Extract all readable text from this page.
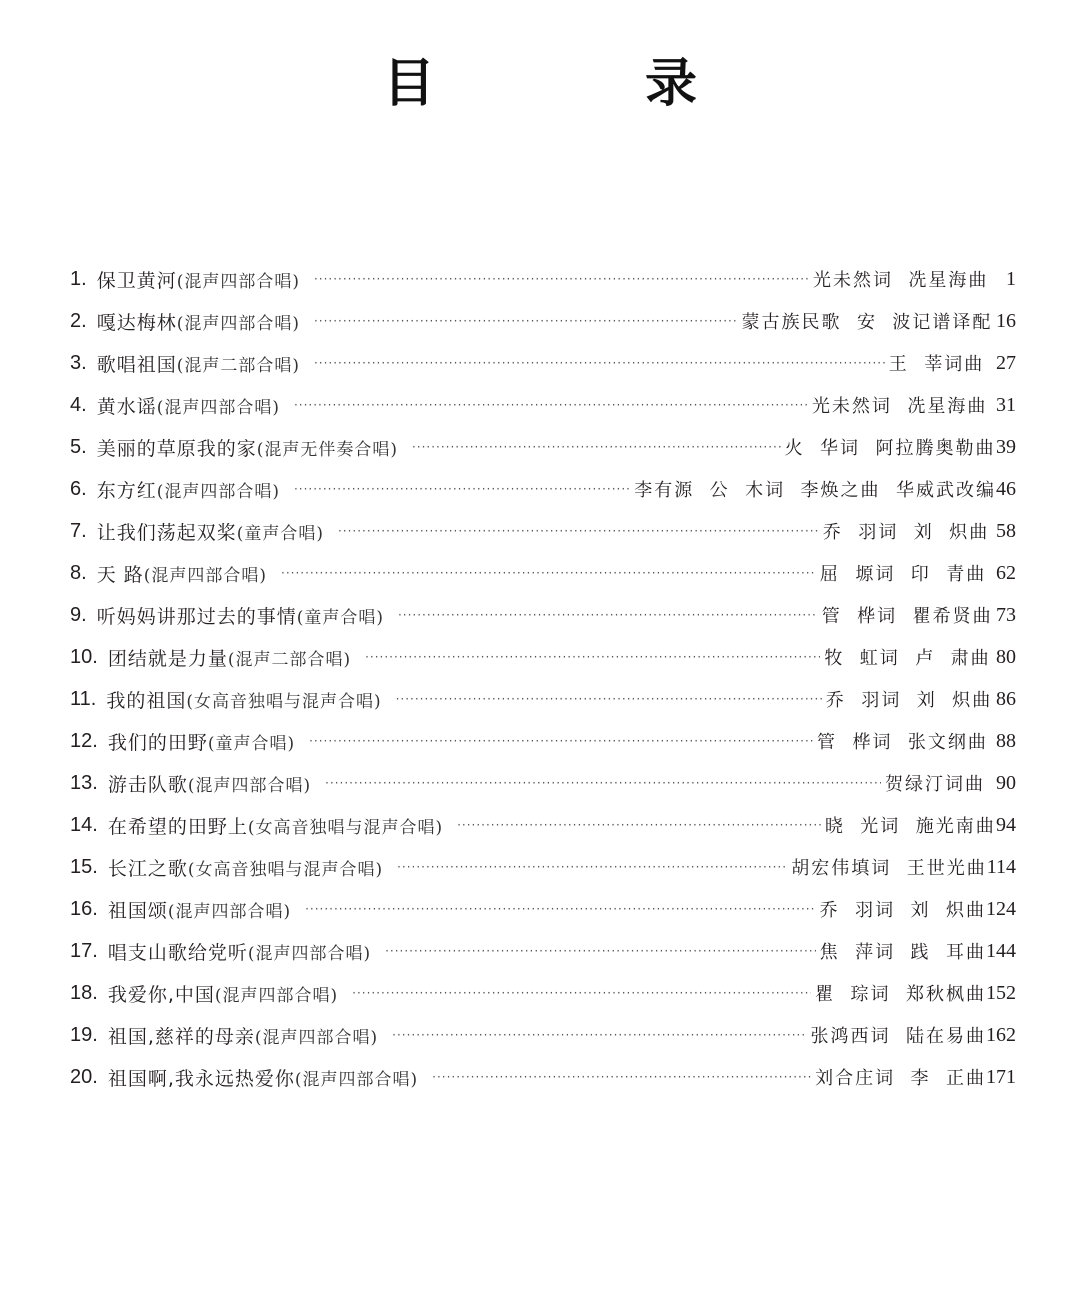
目 录
1. 保卫黄河 (混声四部合唱) ·····	光未然词  冼星海曲 1
2. 嘎达梅林 (混声四部合唱) ·····	蒙古族民歌  安  波记谱译配 16
3. 歌唱祖国 (混声二部合唱) ·····	王  莘词曲 27
4. 黄水谣 (混声四部合唱) ·····	光未然词  冼星海曲 31
5. 美丽的草原我的家 (混声无伴奏合唱) ·····	火  华词  阿拉腾奥勒曲 39
6. 东方红 (混声四部合唱) ·····	李有源  公  木词  李焕之曲  华威武改编 46
7. 让我们荡起双桨 (童声合唱) ·····	乔  羽词  刘  炽曲 58
8. 天 路 (混声四部合唱) ·····	屈  塬词  印  青曲 62
9. 听妈妈讲那过去的事情 (童声合唱) ·····	管  桦词  瞿希贤曲 73
10. 团结就是力量 (混声二部合唱) ·····	牧  虹词  卢  肃曲 80
11. 我的祖国 (女高音独唱与混声合唱) ·····	乔  羽词  刘  炽曲 86
12. 我们的田野 (童声合唱) ·····	管  桦词  张文纲曲 88
13. 游击队歌 (混声四部合唱) ·····	贺绿汀词曲 90
14. 在希望的田野上 (女高音独唱与混声合唱) ·····	晓  光词  施光南曲 94
15. 长江之歌 (女高音独唱与混声合唱) ·····	胡宏伟填词  王世光曲 114
16. 祖国颂 (混声四部合唱) ·····	乔  羽词  刘  炽曲 124
17. 唱支山歌给党听 (混声四部合唱) ·····	焦  萍词  践  耳曲 144
18. 我爱你,中国 (混声四部合唱) ·····	瞿  琮词  郑秋枫曲 152
19. 祖国,慈祥的母亲 (混声四部合唱) ·····	张鸿西词  陆在易曲 162
20. 祖国啊,我永远热爱你 (混声四部合唱) ·····	刘合庄词  李  正曲 171
